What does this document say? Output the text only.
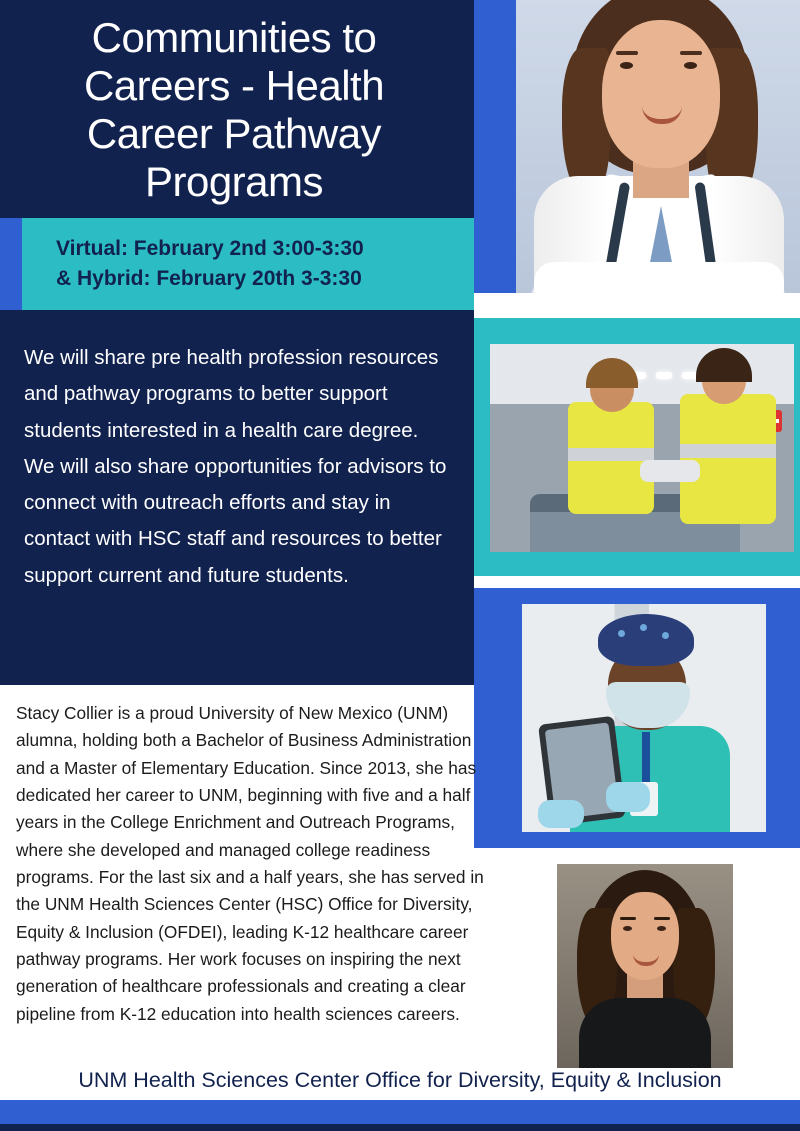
Communities to Careers - Health Career Pathway Programs
Virtual: February 2nd 3:00-3:30
& Hybrid: February 20th 3-3:30
We will share pre health profession resources and pathway programs to better support students interested in a health care degree. We will also share opportunities for advisors to connect with outreach efforts and stay in contact with HSC staff and resources to better support current and future students.
Stacy Collier is a proud University of New Mexico (UNM) alumna, holding both a Bachelor of Business Administration and a Master of Elementary Education. Since 2013, she has dedicated her career to UNM, beginning with five and a half years in the College Enrichment and Outreach Programs, where she developed and managed college readiness programs. For the last six and a half years, she has served in the UNM Health Sciences Center (HSC) Office for Diversity, Equity & Inclusion (OFDEI), leading K-12 healthcare career pathway programs. Her work focuses on inspiring the next generation of healthcare professionals and creating a clear pipeline from K-12 education into health sciences careers.
UNM Health Sciences Center Office for Diversity, Equity & Inclusion
